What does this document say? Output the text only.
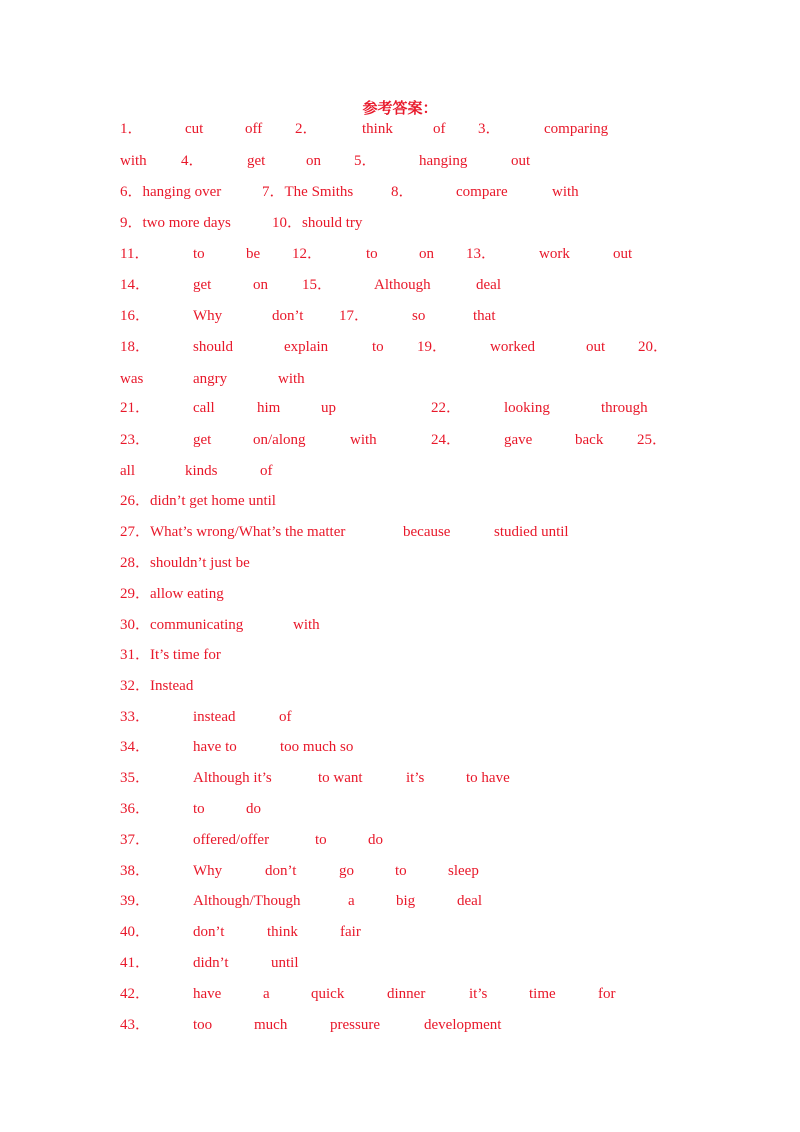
参考答案：
1．	cut	off 2．	think	of 3．	comparing
with 4．	get	on 5．	hanging	out
6．hanging over	7．The Smiths	8．	compare	with
9．two more days	10．should try
11．	to	be 12．	to	on 13．	work	out
14．	get	on 15．	Although	deal
16．	Why	don’t 17．	so	that
18．	should	explain	to 19．	worked	out 20．
was	angry	with
21．	call	him	up	22．	looking	through
23．	get	on/along	with	24．	gave	back 25．
all	kinds	of
26．didn’t get home until
27．What’s wrong/What’s the matter	because	studied until
28．shouldn’t just be
29．allow eating
30．communicating	with
31．It’s time for
32．Instead
33．	instead	of
34．	have to	too much so
35．	Although it’s	to want	it’s	to have
36．	to	do
37．	offered/offer	to	do
38．	Why	don’t	go	to	sleep
39．	Although/Though	a	big	deal
40．	don’t	think	fair
41．	didn’t	until
42．	have	a	quick	dinner	it’s	time	for
43．	too	much	pressure	development
